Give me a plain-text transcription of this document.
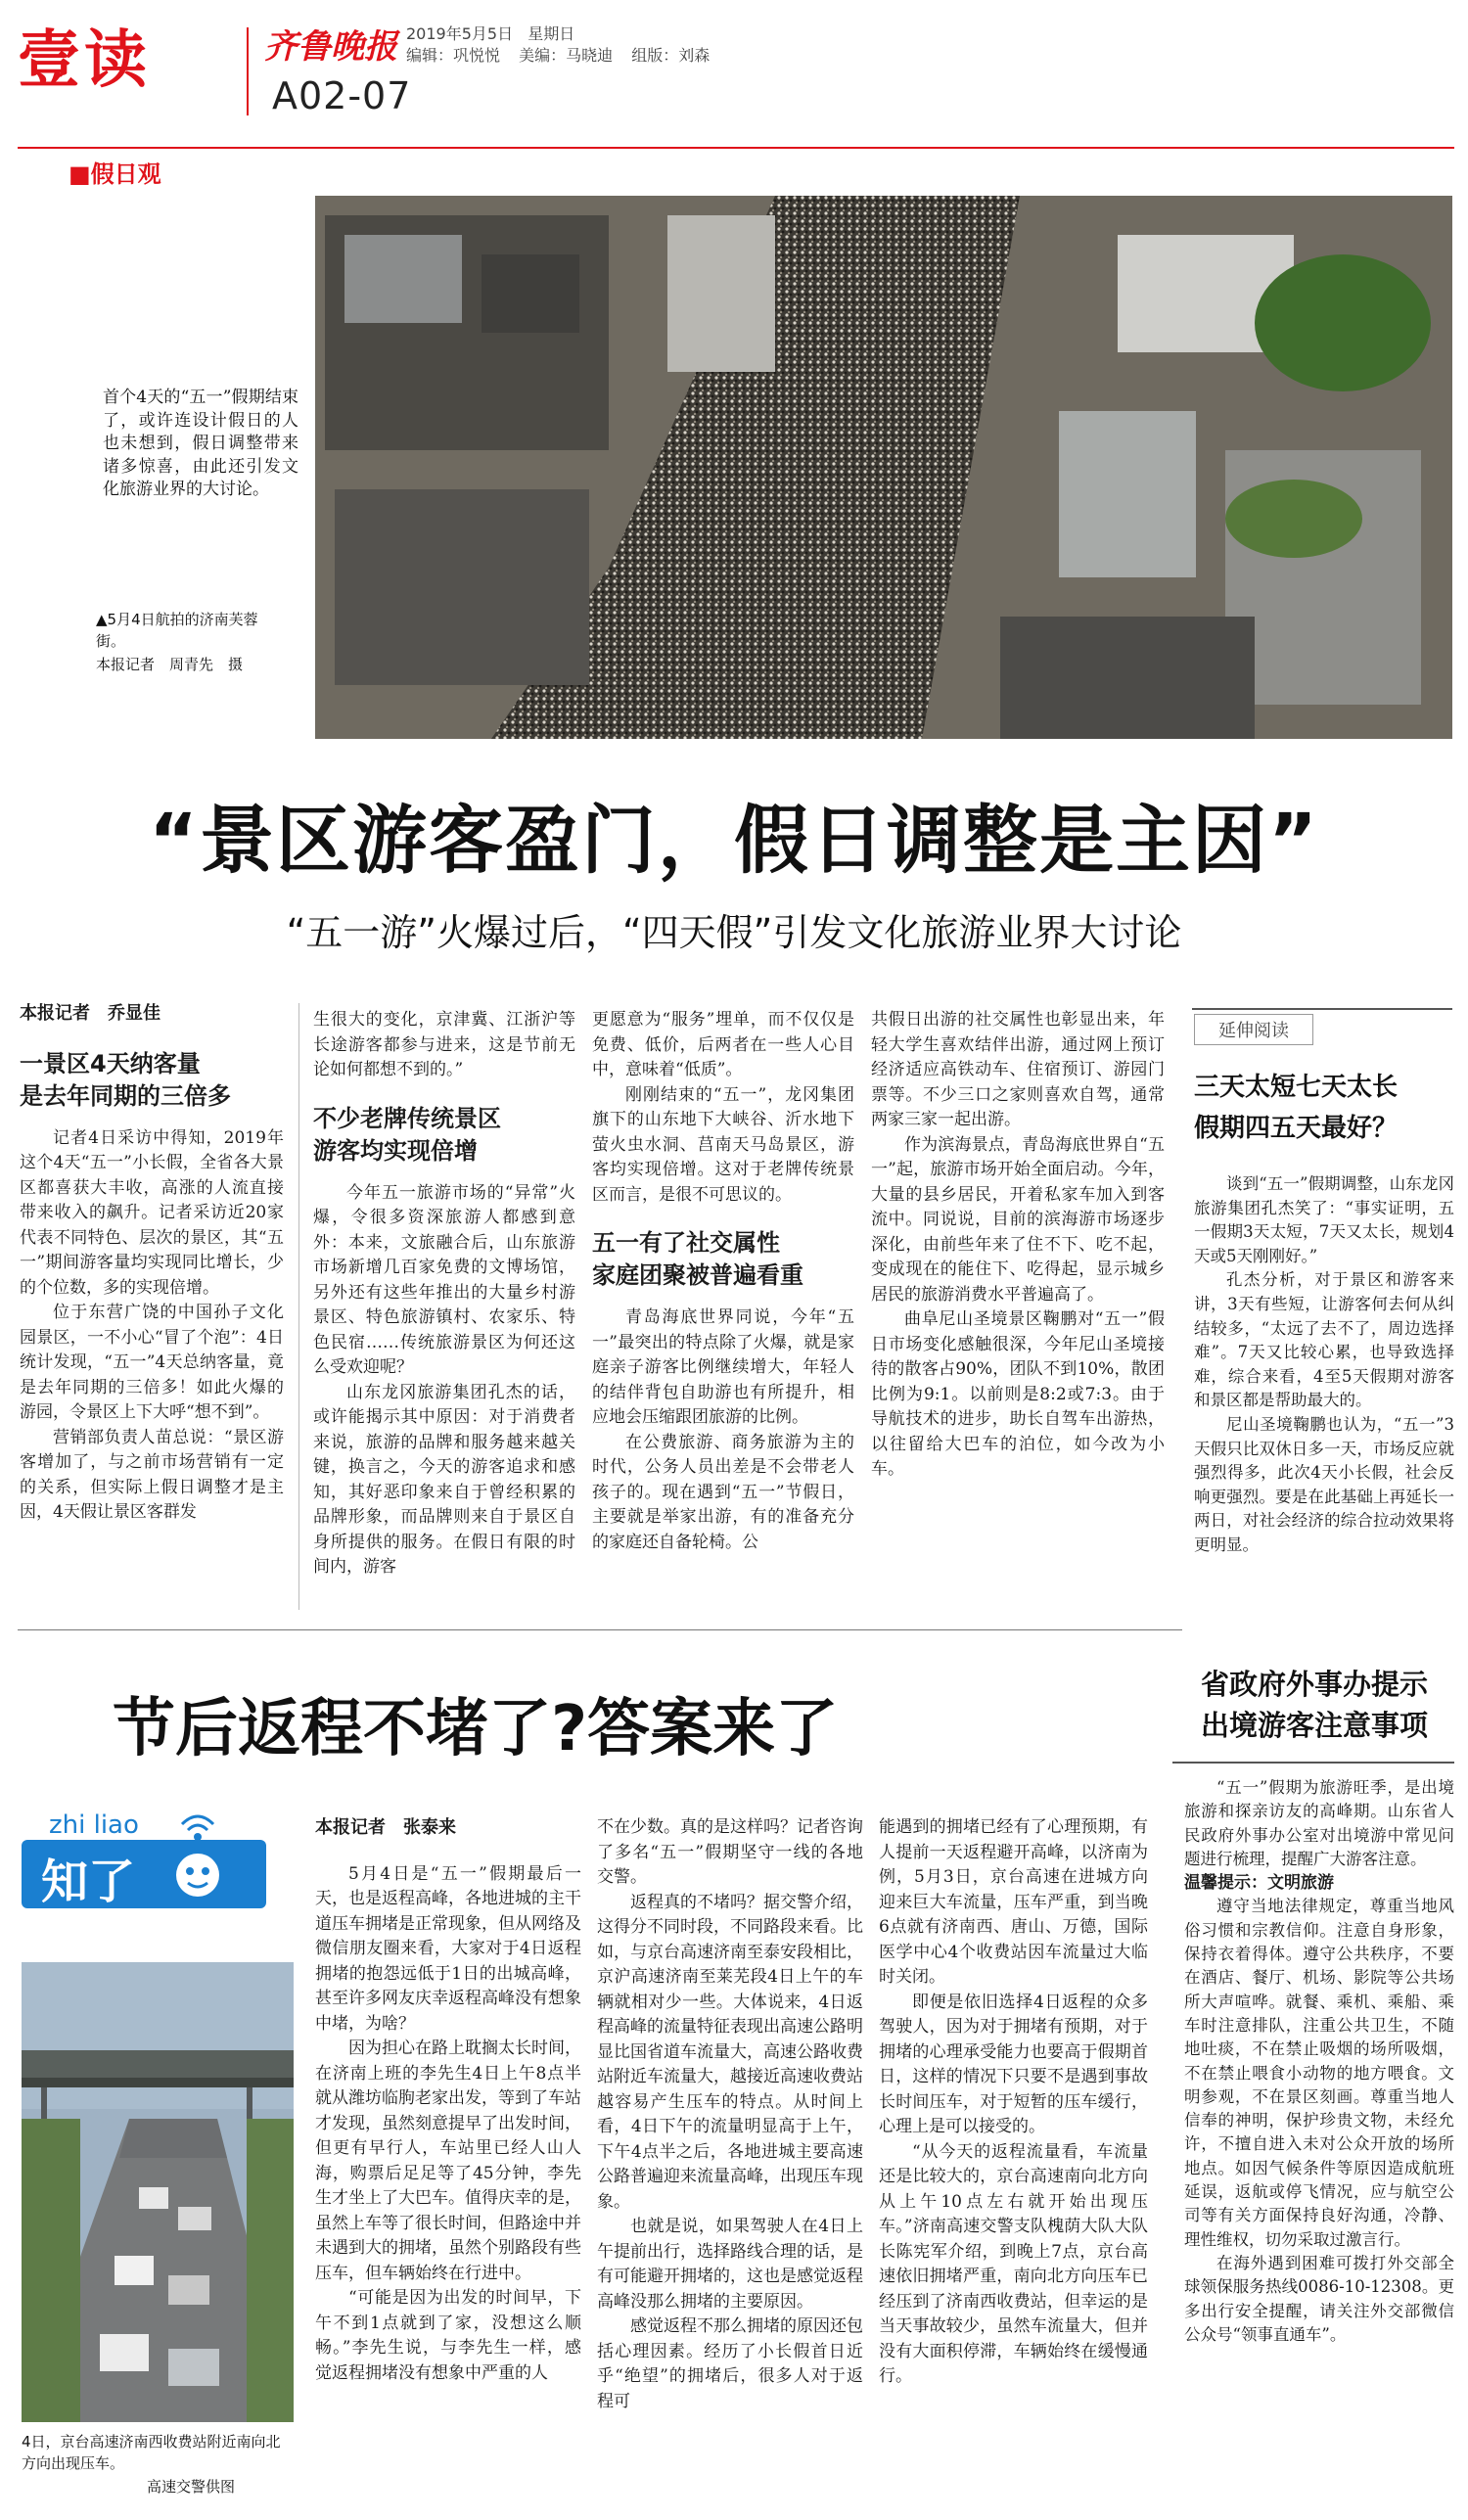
壹读	齐鲁晚报 2019年5月5日 星期日
编辑：巩悦悦 美编：马晓迪 组版：刘森
A02-07
■假日观
首个4天的“五一”假期结束了，或许连设计假日的人也未想到，假日调整带来诸多惊喜，由此还引发文化旅游业界的大讨论。
▲5月4日航拍的济南芙蓉街。
本报记者　周青先　摄
“景区游客盈门，假日调整是主因”
“五一游”火爆过后，“四天假”引发文化旅游业界大讨论
本报记者　乔显佳
一景区4天纳客量
是去年同期的三倍多

记者4日采访中得知，2019年这个4天“五一”小长假，全省各大景区都喜获大丰收，高涨的人流直接带来收入的飙升。记者采访近20家代表不同特色、层次的景区，其“五一”期间游客量均实现同比增长，少的个位数，多的实现倍增。

位于东营广饶的中国孙子文化园景区，一不小心“冒了个泡”：4日统计发现，“五一”4天总纳客量，竟是去年同期的三倍多！如此火爆的游园，令景区上下大呼“想不到”。

营销部负责人苗总说：“景区游客增加了，与之前市场营销有一定的关系，但实际上假日调整才是主因，4天假让景区客群发

生很大的变化，京津冀、江浙沪等长途游客都参与进来，这是节前无论如何都想不到的。”

不少老牌传统景区
游客均实现倍增

今年五一旅游市场的“异常”火爆，令很多资深旅游人都感到意外：本来，文旅融合后，山东旅游市场新增几百家免费的文博场馆，另外还有这些年推出的大量乡村游景区、特色旅游镇村、农家乐、特色民宿……传统旅游景区为何还这么受欢迎呢？

山东龙冈旅游集团孔杰的话，或许能揭示其中原因：对于消费者来说，旅游的品牌和服务越来越关键，换言之，今天的游客追求和感知，其好恶印象来自于曾经积累的品牌形象，而品牌则来自于景区自身所提供的服务。在假日有限的时间内，游客

更愿意为“服务”埋单，而不仅仅是免费、低价，后两者在一些人心目中，意味着“低质”。

刚刚结束的“五一”，龙冈集团旗下的山东地下大峡谷、沂水地下萤火虫水洞、莒南天马岛景区，游客均实现倍增。这对于老牌传统景区而言，是很不可思议的。

五一有了社交属性
家庭团聚被普遍看重

青岛海底世界同说，今年“五一”最突出的特点除了火爆，就是家庭亲子游客比例继续增大，年轻人的结伴背包自助游也有所提升，相应地会压缩跟团旅游的比例。

在公费旅游、商务旅游为主的时代，公务人员出差是不会带老人孩子的。现在遇到“五一”节假日，主要就是举家出游，有的准备充分的家庭还自备轮椅。公

共假日出游的社交属性也彰显出来，年轻大学生喜欢结伴出游，通过网上预订经济适应高铁动车、住宿预订、游园门票等。不少三口之家则喜欢自驾，通常两家三家一起出游。

作为滨海景点，青岛海底世界自“五一”起，旅游市场开始全面启动。今年，大量的县乡居民，开着私家车加入到客流中。同说说，目前的滨海游市场逐步深化，由前些年来了住不下、吃不起，变成现在的能住下、吃得起，显示城乡居民的旅游消费水平普遍高了。

曲阜尼山圣境景区鞠鹏对“五一”假日市场变化感触很深，今年尼山圣境接待的散客占90%，团队不到10%，散团比例为9:1。以前则是8:2或7:3。由于导航技术的进步，助长自驾车出游热，以往留给大巴车的泊位，如今改为小车。

延伸阅读
三天太短七天太长
假期四五天最好？

谈到“五一”假期调整，山东龙冈旅游集团孔杰笑了：“事实证明，五一假期3天太短，7天又太长，规划4天或5天刚刚好。”

孔杰分析，对于景区和游客来讲，3天有些短，让游客何去何从纠结较多，“太远了去不了，周边选择难”。7天又比较心累，也导致选择难，综合来看，4至5天假期对游客和景区都是帮助最大的。

尼山圣境鞠鹏也认为，“五一”3天假只比双休日多一天，市场反应就强烈得多，此次4天小长假，社会反响更强烈。要是在此基础上再延长一两日，对社会经济的综合拉动效果将更明显。

节后返程不堵了?答案来了
zhi liao
知了
4日，京台高速济南西收费站附近南向北方向出现压车。
高速交警供图
本报记者　张泰来

5月4日是“五一”假期最后一天，也是返程高峰，各地进城的主干道压车拥堵是正常现象，但从网络及微信朋友圈来看，大家对于4日返程拥堵的抱怨远低于1日的出城高峰，甚至许多网友庆幸返程高峰没有想象中堵，为啥？

因为担心在路上耽搁太长时间，在济南上班的李先生4日上午8点半就从潍坊临朐老家出发，等到了车站才发现，虽然刻意提早了出发时间，但更有早行人，车站里已经人山人海，购票后足足等了45分钟，李先生才坐上了大巴车。值得庆幸的是，虽然上车等了很长时间，但路途中并未遇到大的拥堵，虽然个别路段有些压车，但车辆始终在行进中。

“可能是因为出发的时间早，下午不到1点就到了家，没想这么顺畅。”李先生说，与李先生一样，感觉返程拥堵没有想象中严重的人

不在少数。真的是这样吗？记者咨询了多名“五一”假期坚守一线的各地交警。

返程真的不堵吗？据交警介绍，这得分不同时段，不同路段来看。比如，与京台高速济南至泰安段相比，京沪高速济南至莱芜段4日上午的车辆就相对少一些。大体说来，4日返程高峰的流量特征表现出高速公路明显比国省道车流量大，高速公路收费站附近车流量大，越接近高速收费站越容易产生压车的特点。从时间上看，4日下午的流量明显高于上午，下午4点半之后，各地进城主要高速公路普遍迎来流量高峰，出现压车现象。

也就是说，如果驾驶人在4日上午提前出行，选择路线合理的话，是有可能避开拥堵的，这也是感觉返程高峰没那么拥堵的主要原因。

感觉返程不那么拥堵的原因还包括心理因素。经历了小长假首日近乎“绝望”的拥堵后，很多人对于返程可

能遇到的拥堵已经有了心理预期，有人提前一天返程避开高峰，以济南为例，5月3日，京台高速在进城方向迎来巨大车流量，压车严重，到当晚6点就有济南西、唐山、万德，国际医学中心4个收费站因车流量过大临时关闭。

即便是依旧选择4日返程的众多驾驶人，因为对于拥堵有预期，对于拥堵的心理承受能力也要高于假期首日，这样的情况下只要不是遇到事故长时间压车，对于短暂的压车缓行，心理上是可以接受的。

“从今天的返程流量看，车流量还是比较大的，京台高速南向北方向从上午10点左右就开始出现压车。”济南高速交警支队槐荫大队大队长陈宪军介绍，到晚上7点，京台高速依旧拥堵严重，南向北方向压车已经压到了济南西收费站，但幸运的是当天事故较少，虽然车流量大，但并没有大面积停滞，车辆始终在缓慢通行。

省政府外事办提示
出境游客注意事项

“五一”假期为旅游旺季，是出境旅游和探亲访友的高峰期。山东省人民政府外事办公室对出境游中常见问题进行梳理，提醒广大游客注意。

温馨提示：文明旅游

遵守当地法律规定，尊重当地风俗习惯和宗教信仰。注意自身形象，保持衣着得体。遵守公共秩序，不要在酒店、餐厅、机场、影院等公共场所大声喧哗。就餐、乘机、乘船、乘车时注意排队，注重公共卫生，不随地吐痰，不在禁止吸烟的场所吸烟，不在禁止喂食小动物的地方喂食。文明参观，不在景区刻画。尊重当地人信奉的神明，保护珍贵文物，未经允许，不擅自进入未对公众开放的场所地点。如因气候条件等原因造成航班延误，返航或停飞情况，应与航空公司等有关方面保持良好沟通，冷静、理性维权，切勿采取过激言行。

在海外遇到困难可拨打外交部全球领保服务热线0086-10-12308。更多出行安全提醒，请关注外交部微信公众号“领事直通车”。
